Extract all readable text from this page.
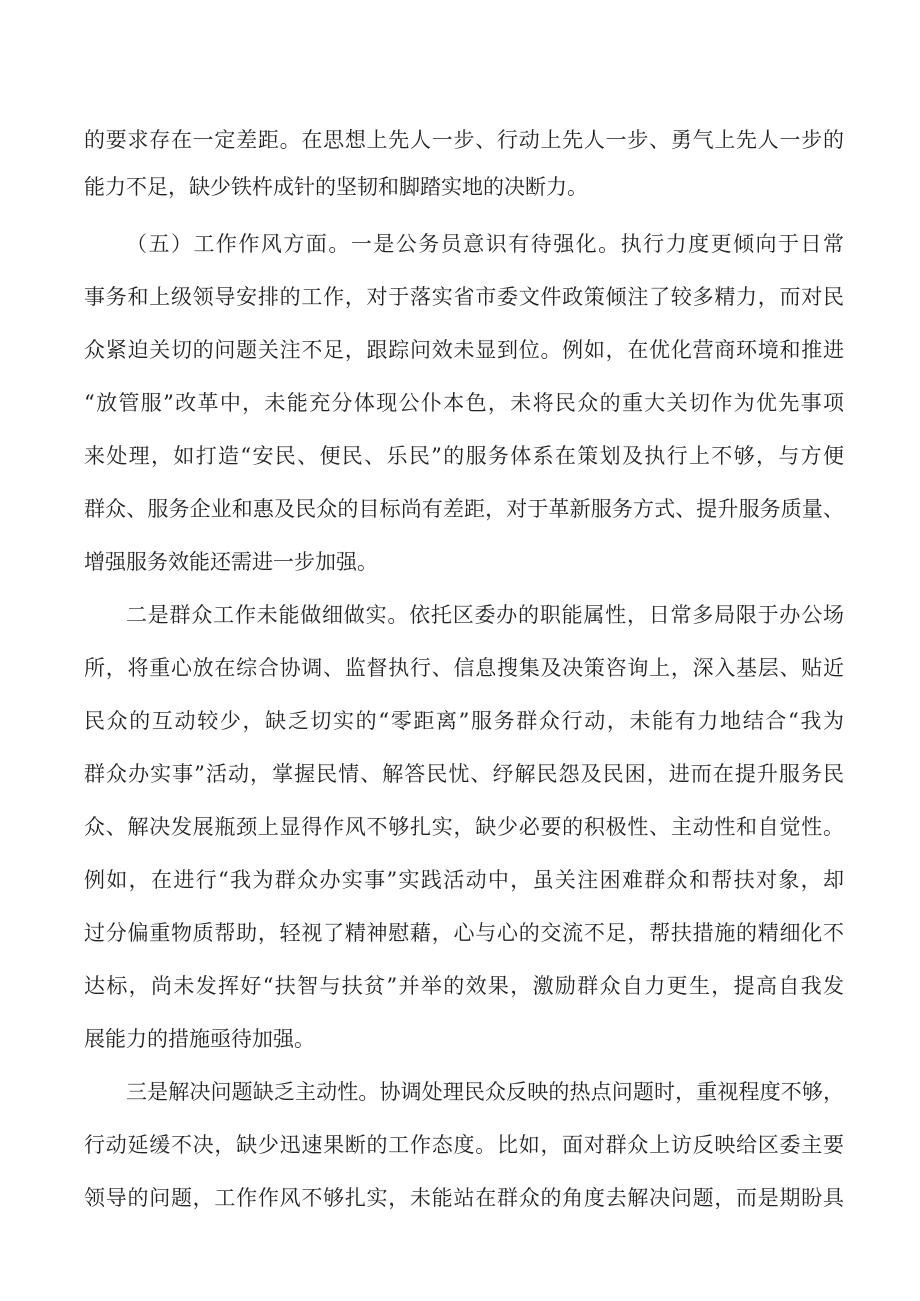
的要求存在一定差距。在思想上先人一步、行动上先人一步、勇气上先人一步的
能力不足，缺少铁杵成针的坚韧和脚踏实地的决断力。
（五）工作作风方面。一是公务员意识有待强化。执行力度更倾向于日常
事务和上级领导安排的工作，对于落实省市委文件政策倾注了较多精力，而对民
众紧迫关切的问题关注不足，跟踪问效未显到位。例如，在优化营商环境和推进
“放管服”改革中，未能充分体现公仆本色，未将民众的重大关切作为优先事项
来处理，如打造“安民、便民、乐民”的服务体系在策划及执行上不够，与方便
群众、服务企业和惠及民众的目标尚有差距，对于革新服务方式、提升服务质量、
增强服务效能还需进一步加强。
二是群众工作未能做细做实。依托区委办的职能属性，日常多局限于办公场
所，将重心放在综合协调、监督执行、信息搜集及决策咨询上，深入基层、贴近
民众的互动较少，缺乏切实的“零距离”服务群众行动，未能有力地结合“我为
群众办实事”活动，掌握民情、解答民忧、纾解民怨及民困，进而在提升服务民
众、解决发展瓶颈上显得作风不够扎实，缺少必要的积极性、主动性和自觉性。
例如，在进行“我为群众办实事”实践活动中，虽关注困难群众和帮扶对象，却
过分偏重物质帮助，轻视了精神慰藉，心与心的交流不足，帮扶措施的精细化不
达标，尚未发挥好“扶智与扶贫”并举的效果，激励群众自力更生，提高自我发
展能力的措施亟待加强。
三是解决问题缺乏主动性。协调处理民众反映的热点问题时，重视程度不够，
行动延缓不决，缺少迅速果断的工作态度。比如，面对群众上访反映给区委主要
领导的问题，工作作风不够扎实，未能站在群众的角度去解决问题，而是期盼具
